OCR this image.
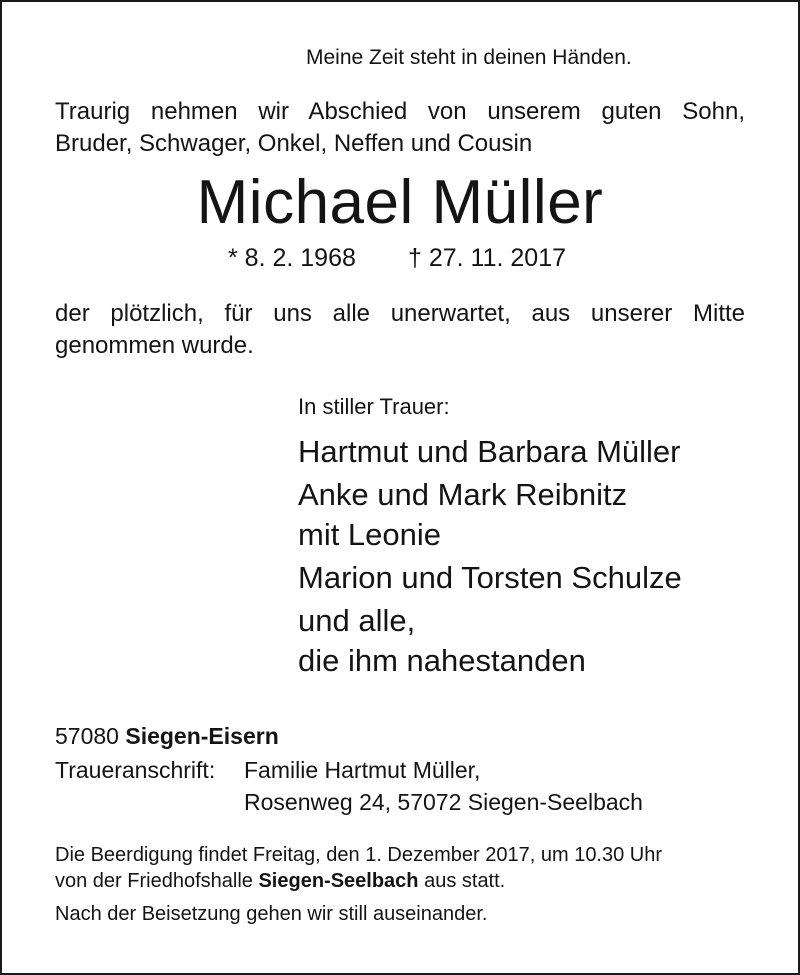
Meine Zeit steht in deinen Händen.
Traurig nehmen wir Abschied von unserem guten Sohn,
Bruder, Schwager, Onkel, Neffen und Cousin
Michael Müller
* 8. 2. 1968 † 27. 11. 2017
der plötzlich, für uns alle unerwartet, aus unserer Mitte
genommen wurde.
In stiller Trauer:
Hartmut und Barbara Müller
Anke und Mark Reibnitz
mit Leonie
Marion und Torsten Schulze
und alle,
die ihm nahestanden
57080 Siegen-Eisern
Traueranschrift: Familie Hartmut Müller,
Rosenweg 24, 57072 Siegen-Seelbach
Die Beerdigung findet Freitag, den 1. Dezember 2017, um 10.30 Uhr
von der Friedhofshalle Siegen-Seelbach aus statt.
Nach der Beisetzung gehen wir still auseinander.
